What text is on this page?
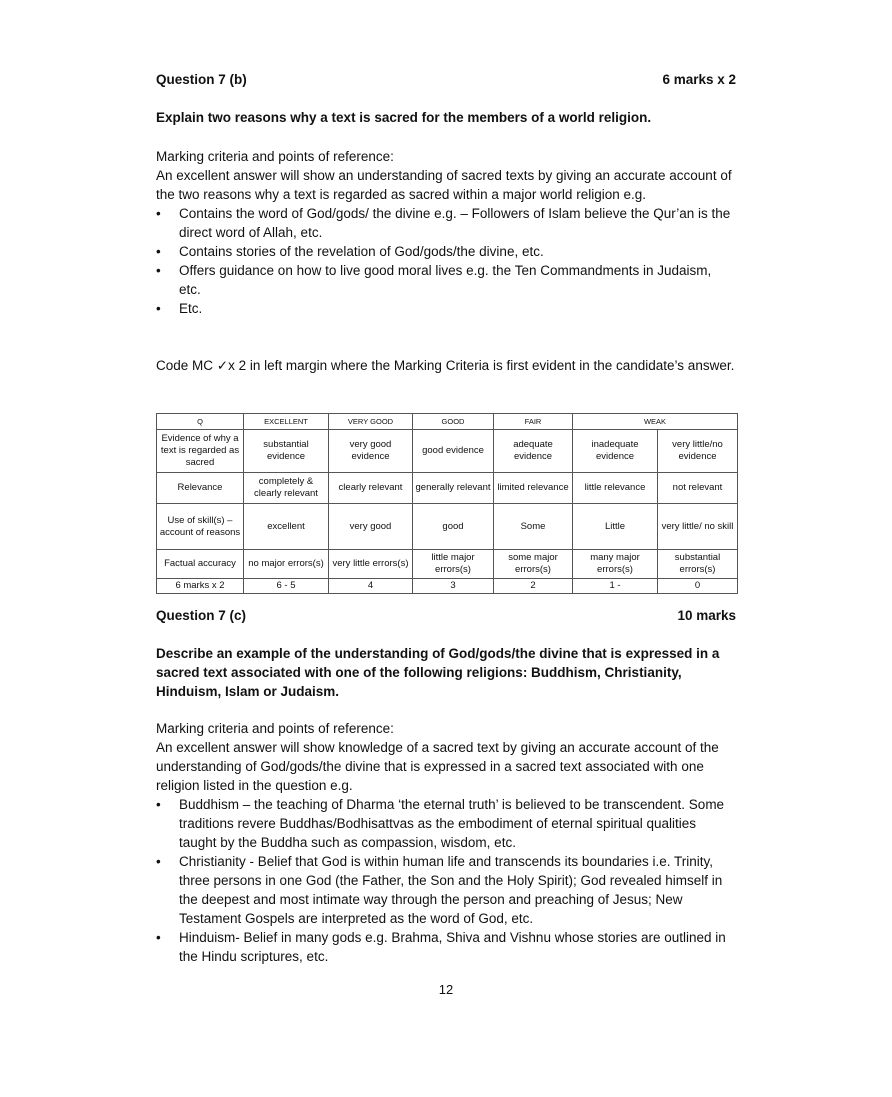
Question 7 (b)	6 marks x 2
Explain two reasons why a text is sacred for the members of a world religion.

Marking criteria and points of reference:

An excellent answer will show an understanding of sacred texts by giving an accurate account of the two reasons why a text is regarded as sacred within a major world religion e.g.

• Contains the word of God/gods/ the divine e.g. – Followers of Islam believe the Qur’an is the direct word of Allah, etc.
• Contains stories of the revelation of God/gods/the divine, etc.
• Offers guidance on how to live good moral lives e.g. the Ten Commandments in Judaism, etc.
• Etc.
Code MC ✓x 2 in left margin where the Marking Criteria is first evident in the candidate’s answer.
Q	EXCELLENT	VERY GOOD	GOOD	FAIR	WEAK	
Evidence of why a text is regarded as sacred	substantial evidence	very good evidence	good evidence	adequate evidence	inadequate evidence	very little/no evidence
Relevance	completely & clearly relevant	clearly relevant	generally relevant	limited relevance	little relevance	not relevant
Use of skill(s) – account of reasons	excellent	very good	good	Some	Little	very little/ no skill
Factual accuracy	no major errors(s)	very little errors(s)	little major errors(s)	some major errors(s)	many major errors(s)	substantial errors(s)
6 marks x 2	6 - 5	4	3	2	1 -	0
Question 7 (c)	10 marks
Describe an example of the understanding of God/gods/the divine that is expressed in a sacred text associated with one of the following religions: Buddhism, Christianity, Hinduism, Islam or Judaism.

Marking criteria and points of reference:

An excellent answer will show knowledge of a sacred text by giving an accurate account of the understanding of God/gods/the divine that is expressed in a sacred text associated with one religion listed in the question e.g.

• Buddhism – the teaching of Dharma ‘the eternal truth’ is believed to be transcendent. Some traditions revere Buddhas/Bodhisattvas as the embodiment of eternal spiritual qualities taught by the Buddha such as compassion, wisdom, etc.
• Christianity - Belief that God is within human life and transcends its boundaries i.e. Trinity, three persons in one God (the Father, the Son and the Holy Spirit); God revealed himself in the deepest and most intimate way through the person and preaching of Jesus; New Testament Gospels are interpreted as the word of God, etc.
• Hinduism- Belief in many gods e.g. Brahma, Shiva and Vishnu whose stories are outlined in the Hindu scriptures, etc.
12
